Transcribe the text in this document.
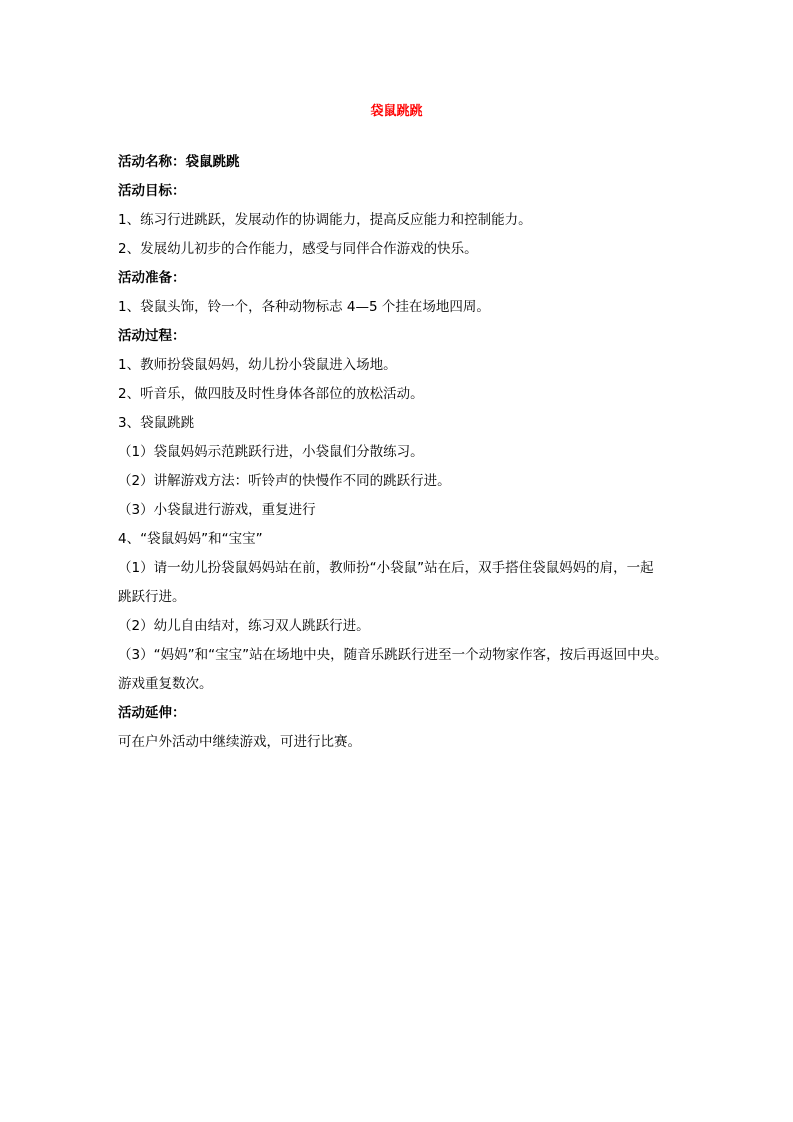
袋鼠跳跳

活动名称：袋鼠跳跳

活动目标：

1、练习行进跳跃，发展动作的协调能力，提高反应能力和控制能力。

2、发展幼儿初步的合作能力，感受与同伴合作游戏的快乐。

活动准备：

1、袋鼠头饰，铃一个，各种动物标志 4—5 个挂在场地四周。

活动过程：

1、教师扮袋鼠妈妈，幼儿扮小袋鼠进入场地。

2、听音乐，做四肢及时性身体各部位的放松活动。

3、袋鼠跳跳

（1）袋鼠妈妈示范跳跃行进，小袋鼠们分散练习。

（2）讲解游戏方法：听铃声的快慢作不同的跳跃行进。

（3）小袋鼠进行游戏，重复进行

4、“袋鼠妈妈”和“宝宝”

（1）请一幼儿扮袋鼠妈妈站在前，教师扮“小袋鼠”站在后，双手搭住袋鼠妈妈的肩，一起

跳跃行进。

（2）幼儿自由结对，练习双人跳跃行进。

（3）“妈妈”和“宝宝”站在场地中央，随音乐跳跃行进至一个动物家作客，按后再返回中央。

游戏重复数次。

活动延伸：

可在户外活动中继续游戏，可进行比赛。
